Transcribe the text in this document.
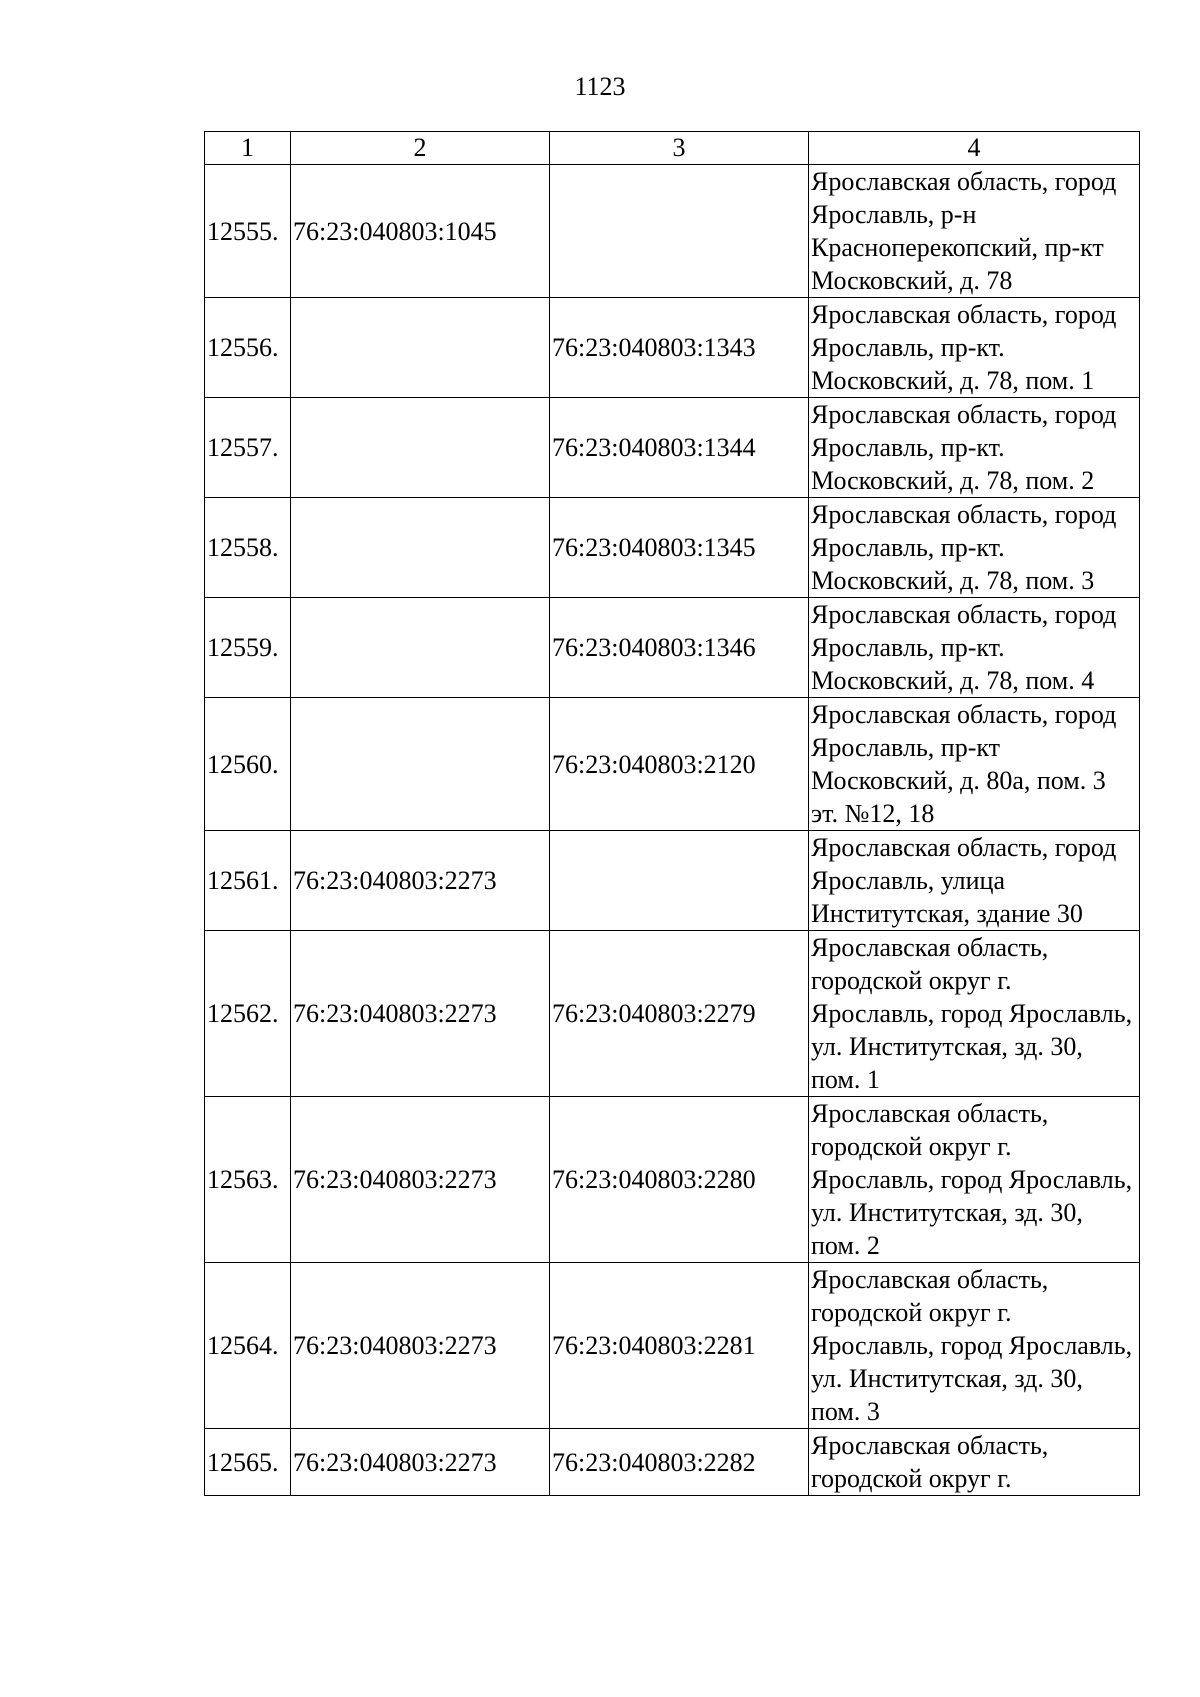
1123
1	2	3	4
12555.	76:23:040803:1045		Ярославская область, город Ярославль, р-н Красноперекопский, пр-кт Московский, д. 78
12556.		76:23:040803:1343	Ярославская область, город Ярославль, пр-кт. Московский, д. 78, пом. 1
12557.		76:23:040803:1344	Ярославская область, город Ярославль, пр-кт. Московский, д. 78, пом. 2
12558.		76:23:040803:1345	Ярославская область, город Ярославль, пр-кт. Московский, д. 78, пом. 3
12559.		76:23:040803:1346	Ярославская область, город Ярославль, пр-кт. Московский, д. 78, пом. 4
12560.		76:23:040803:2120	Ярославская область, город Ярославль, пр-кт Московский, д. 80а, пом. 3 эт. №12, 18
12561.	76:23:040803:2273		Ярославская область, город Ярославль, улица Институтская, здание 30
12562.	76:23:040803:2273	76:23:040803:2279	Ярославская область, городской округ г. Ярославль, город Ярославль, ул. Институтская, зд. 30, пом. 1
12563.	76:23:040803:2273	76:23:040803:2280	Ярославская область, городской округ г. Ярославль, город Ярославль, ул. Институтская, зд. 30, пом. 2
12564.	76:23:040803:2273	76:23:040803:2281	Ярославская область, городской округ г. Ярославль, город Ярославль, ул. Институтская, зд. 30, пом. 3
12565.	76:23:040803:2273	76:23:040803:2282	Ярославская область, городской округ г.
